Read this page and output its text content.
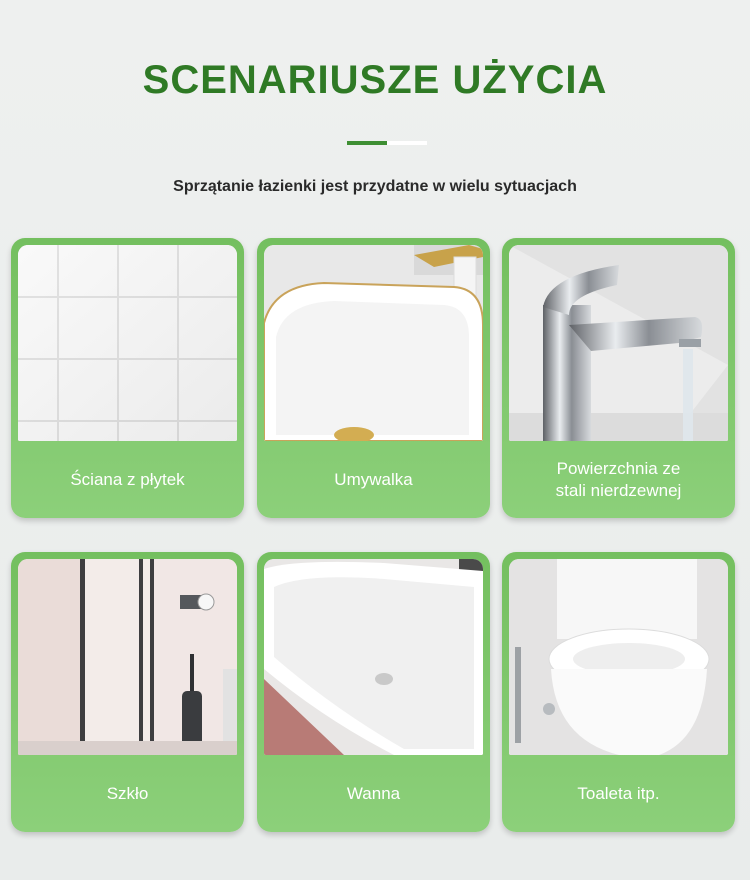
SCENARIUSZE UŻYCIA
Sprzątanie łazienki jest przydatne w wielu sytuacjach
Ściana z płytek	Umywalka
Powierzchnia ze
stali nierdzewnej
Szkło	Wanna	Toaleta itp.
